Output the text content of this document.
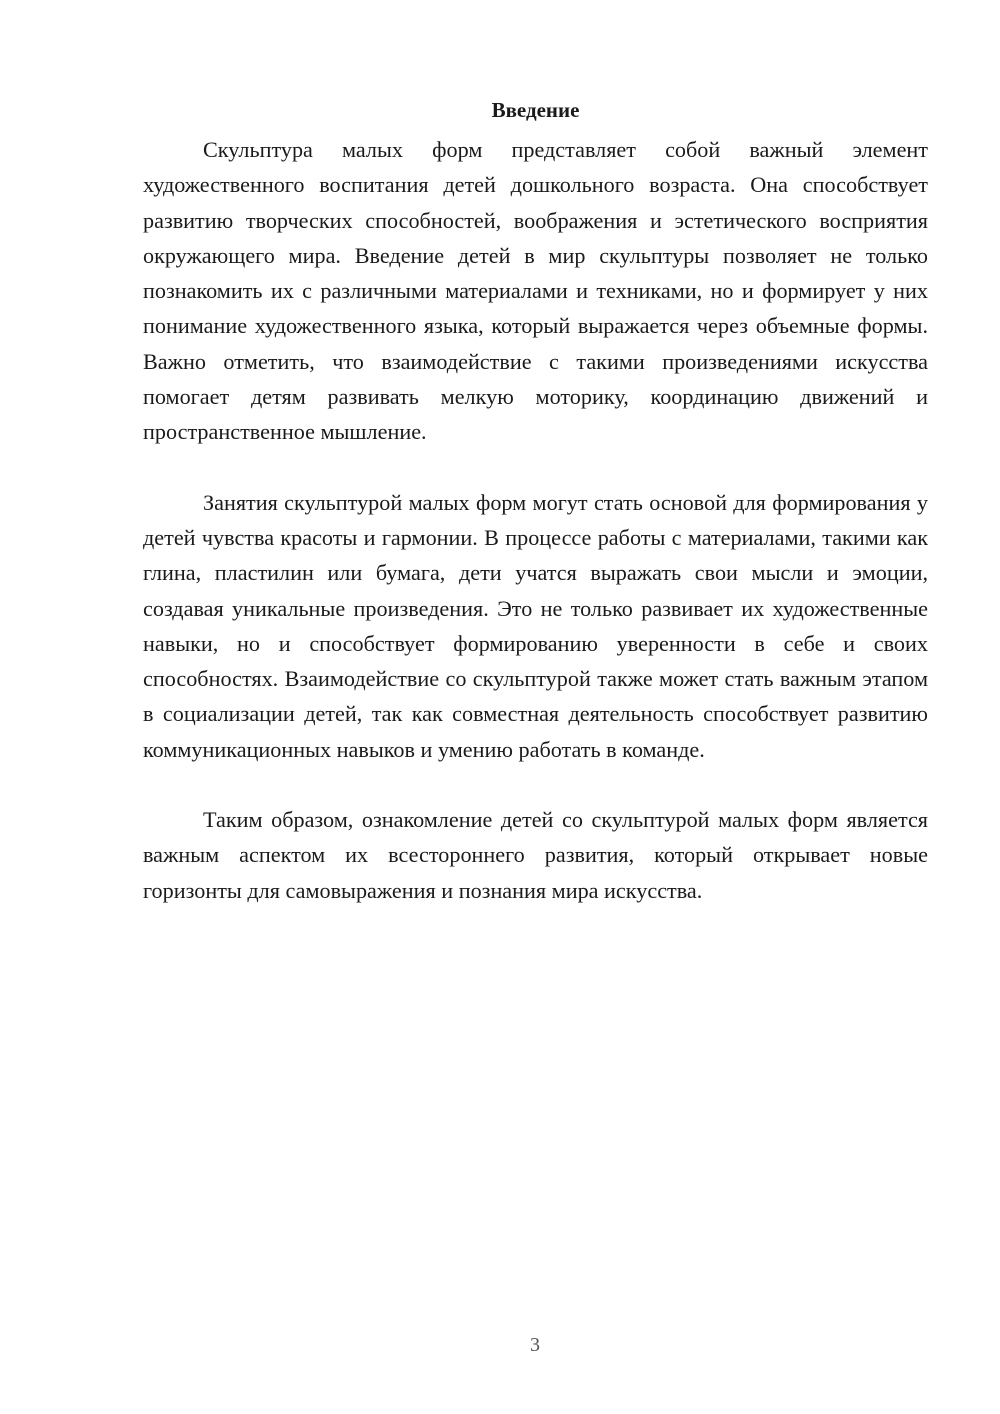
Введение

Скульптура малых форм представляет собой важный элемент художественного воспитания детей дошкольного возраста. Она способствует развитию творческих способностей, воображения и эстетического восприятия окружающего мира. Введение детей в мир скульптуры позволяет не только познакомить их с различными материалами и техниками, но и формирует у них понимание художественного языка, который выражается через объемные формы. Важно отметить, что взаимодействие с такими произведениями искусства помогает детям развивать мелкую моторику, координацию движений и пространственное мышление.

Занятия скульптурой малых форм могут стать основой для формирования у детей чувства красоты и гармонии. В процессе работы с материалами, такими как глина, пластилин или бумага, дети учатся выражать свои мысли и эмоции, создавая уникальные произведения. Это не только развивает их художественные навыки, но и способствует формированию уверенности в себе и своих способностях. Взаимодействие со скульптурой также может стать важным этапом в социализации детей, так как совместная деятельность способствует развитию коммуникационных навыков и умению работать в команде.

Таким образом, ознакомление детей со скульптурой малых форм является важным аспектом их всестороннего развития, который открывает новые горизонты для самовыражения и познания мира искусства.

3
